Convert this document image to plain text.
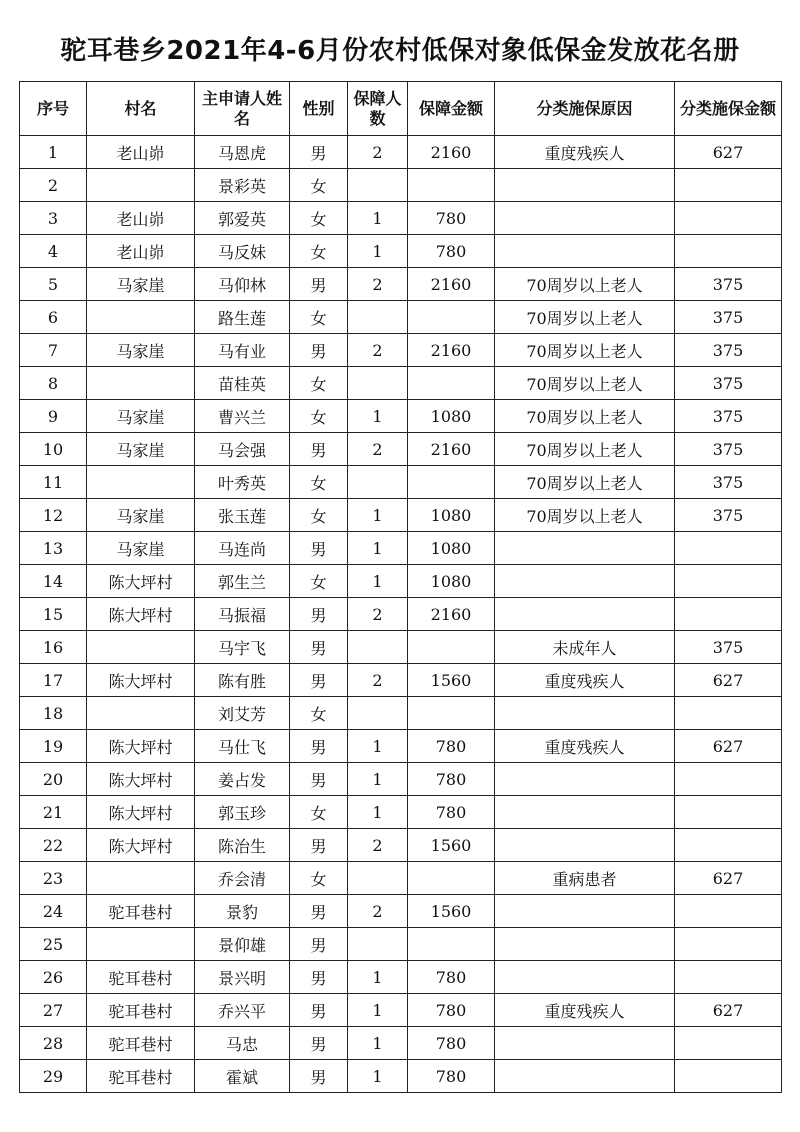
驼耳巷乡2021年4-6月份农村低保对象低保金发放花名册
序号	村名	主申请人姓名	性别	保障人数	保障金额	分类施保原因	分类施保金额
1	老山峁	马恩虎	男	2	2160	重度残疾人	627
2		景彩英	女				
3	老山峁	郭爱英	女	1	780		
4	老山峁	马反妹	女	1	780		
5	马家崖	马仰林	男	2	2160	70周岁以上老人	375
6		路生莲	女			70周岁以上老人	375
7	马家崖	马有业	男	2	2160	70周岁以上老人	375
8		苗桂英	女			70周岁以上老人	375
9	马家崖	曹兴兰	女	1	1080	70周岁以上老人	375
10	马家崖	马会强	男	2	2160	70周岁以上老人	375
11		叶秀英	女			70周岁以上老人	375
12	马家崖	张玉莲	女	1	1080	70周岁以上老人	375
13	马家崖	马连尚	男	1	1080		
14	陈大坪村	郭生兰	女	1	1080		
15	陈大坪村	马振福	男	2	2160		
16		马宇飞	男			未成年人	375
17	陈大坪村	陈有胜	男	2	1560	重度残疾人	627
18		刘艾芳	女				
19	陈大坪村	马仕飞	男	1	780	重度残疾人	627
20	陈大坪村	姜占发	男	1	780		
21	陈大坪村	郭玉珍	女	1	780		
22	陈大坪村	陈治生	男	2	1560		
23		乔会清	女			重病患者	627
24	驼耳巷村	景豹	男	2	1560		
25		景仰雄	男				
26	驼耳巷村	景兴明	男	1	780		
27	驼耳巷村	乔兴平	男	1	780	重度残疾人	627
28	驼耳巷村	马忠	男	1	780		
29	驼耳巷村	霍斌	男	1	780		
